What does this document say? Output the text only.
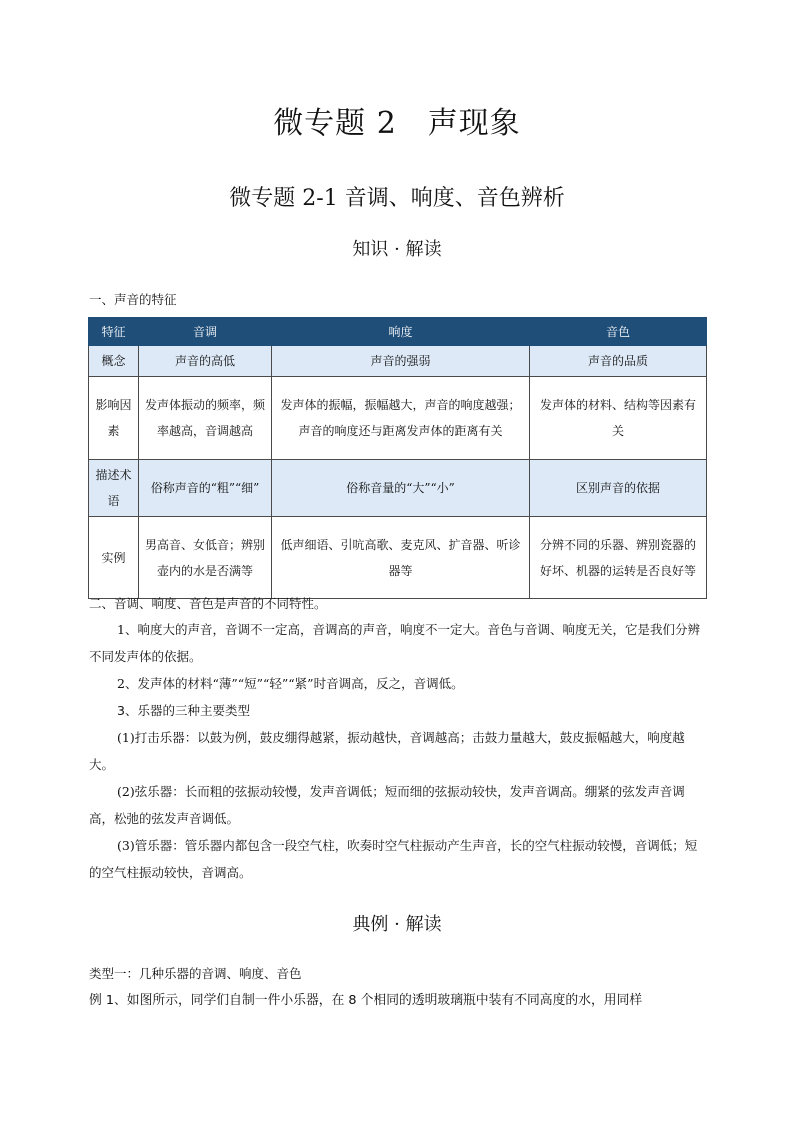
微专题 2　声现象
微专题 2-1 音调、响度、音色辨析
知识 · 解读
一、声音的特征
特征	音调	响度	音色
概念	声音的高低	声音的强弱	声音的品质
影响因素	发声体振动的频率，频率越高，音调越高	发声体的振幅，振幅越大，声音的响度越强；声音的响度还与距离发声体的距离有关	发声体的材料、结构等因素有关
描述术语	俗称声音的“粗”“细”	俗称音量的“大”“小”	区别声音的依据
实例	男高音、女低音；辨别壶内的水是否满等	低声细语、引吭高歌、麦克风、扩音器、听诊器等	分辨不同的乐器、辨别瓷器的好坏、机器的运转是否良好等
二、音调、响度、音色是声音的不同特性。
1、响度大的声音，音调不一定高，音调高的声音，响度不一定大。音色与音调、响度无关，它是我们分辨不同发声体的依据。
2、发声体的材料“薄”“短”“轻”“紧”时音调高，反之，音调低。
3、乐器的三种主要类型
(1)打击乐器：以鼓为例，鼓皮绷得越紧，振动越快，音调越高；击鼓力量越大，鼓皮振幅越大，响度越大。
(2)弦乐器：长而粗的弦振动较慢，发声音调低；短而细的弦振动较快，发声音调高。绷紧的弦发声音调高，松弛的弦发声音调低。
(3)管乐器：管乐器内都包含一段空气柱，吹奏时空气柱振动产生声音，长的空气柱振动较慢，音调低；短的空气柱振动较快，音调高。
典例 · 解读
类型一：几种乐器的音调、响度、音色
例 1、如图所示，同学们自制一件小乐器，在 8 个相同的透明玻璃瓶中装有不同高度的水，用同样
